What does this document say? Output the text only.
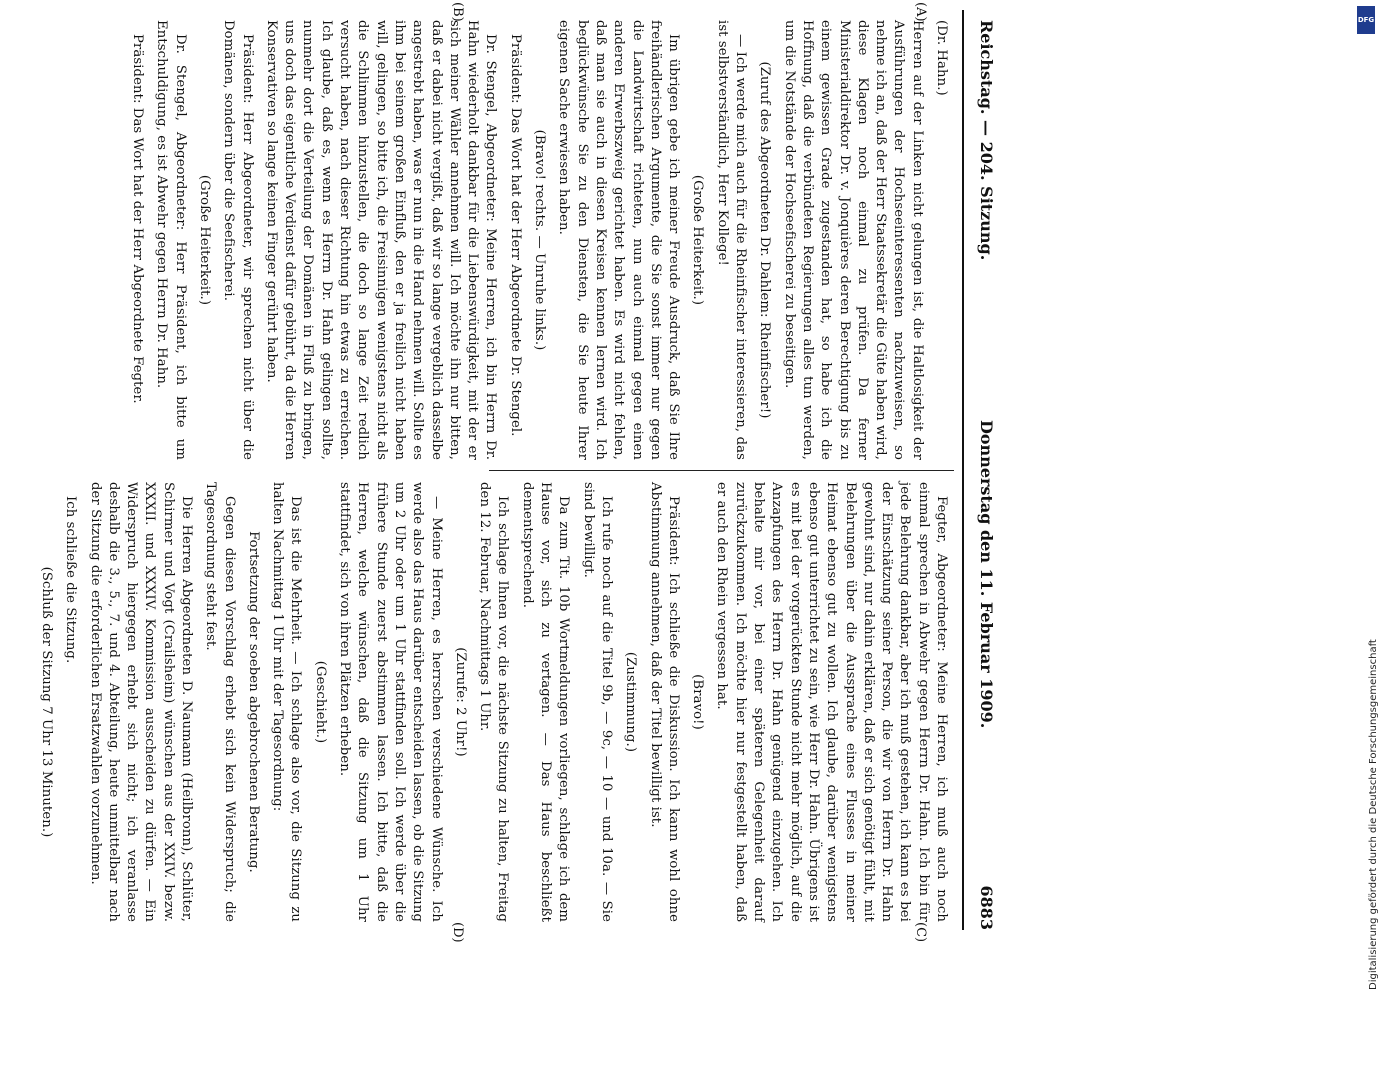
Reichstag. — 204. Sitzung.
Donnerstag den 11. Februar 1909.
6883
(A)
(B)
(C)
(D)

(Dr. Hahn.)

Herren auf der Linken nicht gelungen ist, die Haltlosigkeit der Ausführungen der Hochseeinteressenten nachzuweisen, so nehme ich an, daß der Herr Staatssekretär die Güte haben wird, diese Klagen noch einmal zu prüfen. Da ferner Ministerialdirektor Dr. v. Jonquières deren Berechtigung bis zu einem gewissen Grade zugestanden hat, so habe ich die Hoffnung, daß die verbündeten Regierungen alles tun werden, um die Notstände der Hochseefischerei zu beseitigen.

(Zuruf des Abgeordneten Dr. Dahlem: Rheinfischer!)

— Ich werde mich auch für die Rheinfischer interessieren, das ist selbstverständlich, Herr Kollege!

(Große Heiterkeit.)

Im übrigen gebe ich meiner Freude Ausdruck, daß Sie Ihre freihändlerischen Argumente, die Sie sonst immer nur gegen die Landwirtschaft richteten, nun auch einmal gegen einen anderen Erwerbszweig gerichtet haben. Es wird nicht fehlen, daß man sie auch in diesen Kreisen kennen lernen wird. Ich beglückwünsche Sie zu den Diensten, die Sie heute Ihrer eigenen Sache erwiesen haben.

(Bravo! rechts. — Unruhe links.)

Präsident: Das Wort hat der Herr Abgeordnete Dr. Stengel.

Dr. Stengel, Abgeordneter: Meine Herren, ich bin Herrn Dr. Hahn wiederholt dankbar für die Liebenswürdigkeit, mit der er sich meiner Wähler annehmen will. Ich möchte ihn nur bitten, daß er dabei nicht vergißt, daß wir so lange vergeblich dasselbe angestrebt haben, was er nun in die Hand nehmen will. Sollte es ihm bei seinem großen Einfluß, den er ja freilich nicht haben will, gelingen, so bitte ich, die Freisinnigen wenigstens nicht als die Schlimmen hinzustellen, die doch so lange Zeit redlich versucht haben, nach dieser Richtung hin etwas zu erreichen. Ich glaube, daß es, wenn es Herrn Dr. Hahn gelingen sollte, nunmehr dort die Verteilung der Domänen in Fluß zu bringen, uns doch das eigentliche Verdienst dafür gebührt, da die Herren Konservativen so lange keinen Finger gerührt haben.

Präsident: Herr Abgeordneter, wir sprechen nicht über die Domänen, sondern über die Seefischerei.

(Große Heiterkeit.)

Dr. Stengel, Abgeordneter: Herr Präsident, ich bitte um Entschuldigung, es ist Abwehr gegen Herrn Dr. Hahn.

Präsident: Das Wort hat der Herr Abgeordnete Fegter.

Fegter, Abgeordneter: Meine Herren, ich muß auch noch einmal sprechen in Abwehr gegen Herrn Dr. Hahn. Ich bin für jede Belehrung dankbar, aber ich muß gestehen, ich kann es bei der Einschätzung seiner Person, die wir von Herrn Dr. Hahn gewohnt sind, nur dahin erklären, daß er sich genötigt fühlt, mit Belehrungen über die Aussprache eines Flusses in meiner Heimat ebenso gut zu wollen. Ich glaube, darüber wenigstens ebenso gut unterrichtet zu sein, wie Herr Dr. Hahn. Übrigens ist es mit bei der vorgerückten Stunde nicht mehr möglich, auf die Anzapfungen des Herrn Dr. Hahn genügend einzugehen. Ich behalte mir vor, bei einer späteren Gelegenheit darauf zurückzukommen. Ich möchte hier nur festgestellt haben, daß er auch den Rhein vergessen hat.

(Bravo!)

Präsident: Ich schließe die Diskussion. Ich kann wohl ohne Abstimmung annehmen, daß der Titel bewilligt ist.

(Zustimmung.)

Ich rufe noch auf die Titel 9b, — 9c, — 10 — und 10a. — Sie sind bewilligt.

Da zum Tit. 10b Wortmeldungen vorliegen, schlage ich dem Hause vor, sich zu vertagen. — Das Haus beschließt dementsprechend.

Ich schlage Ihnen vor, die nächste Sitzung zu halten, Freitag den 12. Februar, Nachmittags 1 Uhr.

(Zurufe: 2 Uhr!)

— Meine Herren, es herrschen verschiedene Wünsche. Ich werde also das Haus darüber entscheiden lassen, ob die Sitzung um 2 Uhr oder um 1 Uhr stattfinden soll. Ich werde über die frühere Stunde zuerst abstimmen lassen. Ich bitte, daß die Herren, welche wünschen, daß die Sitzung um 1 Uhr stattfindet, sich von ihren Plätzen erheben.

(Geschieht.)

Das ist die Mehrheit. — Ich schlage also vor, die Sitzung zu halten Nachmittag 1 Uhr mit der Tagesordnung:

Fortsetzung der soeben abgebrochenen Beratung.

Gegen diesen Vorschlag erhebt sich kein Widerspruch; die Tagesordnung steht fest.

Die Herren Abgeordneten D. Naumann (Heilbronn), Schlüter, Schirmer und Vogt (Crailsheim) wünschen aus der XXIV. bezw. XXXII. und XXXIV. Kommission ausscheiden zu dürfen. — Ein Widerspruch hiergegen erhebt sich nicht; ich veranlasse deshalb die 3., 5., 7. und 4. Abteilung, heute unmittelbar nach der Sitzung die erforderlichen Ersatzwahlen vorzunehmen.

Ich schließe die Sitzung.

(Schluß der Sitzung 7 Uhr 13 Minuten.)

DFG
Digitalisierung gefördert durch die Deutsche Forschungsgemeinschaft
